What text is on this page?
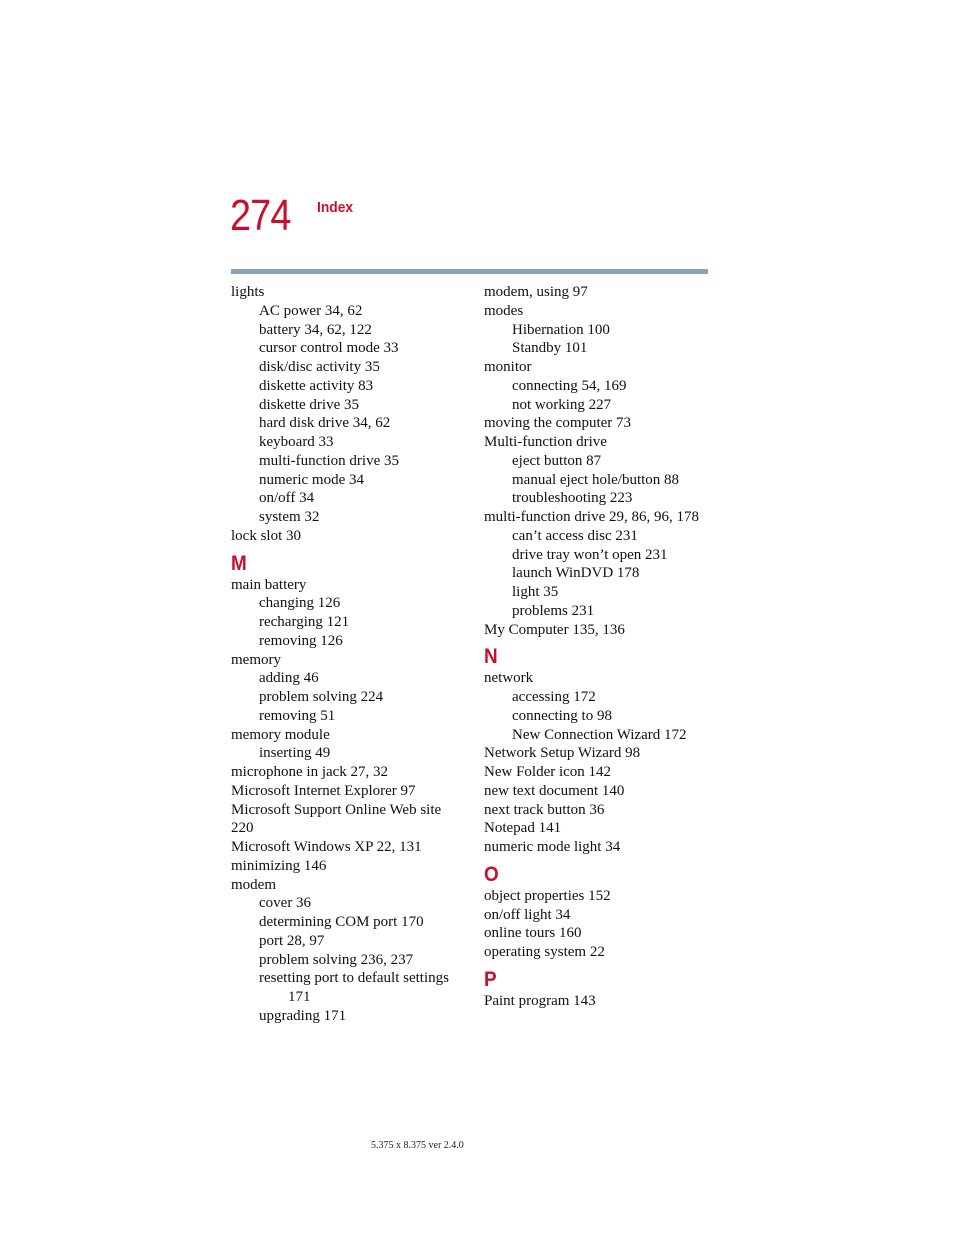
274 Index
lights
AC power 34, 62
battery 34, 62, 122
cursor control mode 33
disk/disc activity 35
diskette activity 83
diskette drive 35
hard disk drive 34, 62
keyboard 33
multi-function drive 35
numeric mode 34
on/off 34
system 32
lock slot 30
M
main battery
changing 126
recharging 121
removing 126
memory
adding 46
problem solving 224
removing 51
memory module
inserting 49
microphone in jack 27, 32
Microsoft Internet Explorer 97
Microsoft Support Online Web site
220
Microsoft Windows XP 22, 131
minimizing 146
modem
cover 36
determining COM port 170
port 28, 97
problem solving 236, 237
resetting port to default settings
171
upgrading 171
modem, using 97
modes
Hibernation 100
Standby 101
monitor
connecting 54, 169
not working 227
moving the computer 73
Multi-function drive
eject button 87
manual eject hole/button 88
troubleshooting 223
multi-function drive 29, 86, 96, 178
can’t access disc 231
drive tray won’t open 231
launch WinDVD 178
light 35
problems 231
My Computer 135, 136
N
network
accessing 172
connecting to 98
New Connection Wizard 172
Network Setup Wizard 98
New Folder icon 142
new text document 140
next track button 36
Notepad 141
numeric mode light 34
O
object properties 152
on/off light 34
online tours 160
operating system 22
P
Paint program 143
5.375 x 8.375 ver 2.4.0
